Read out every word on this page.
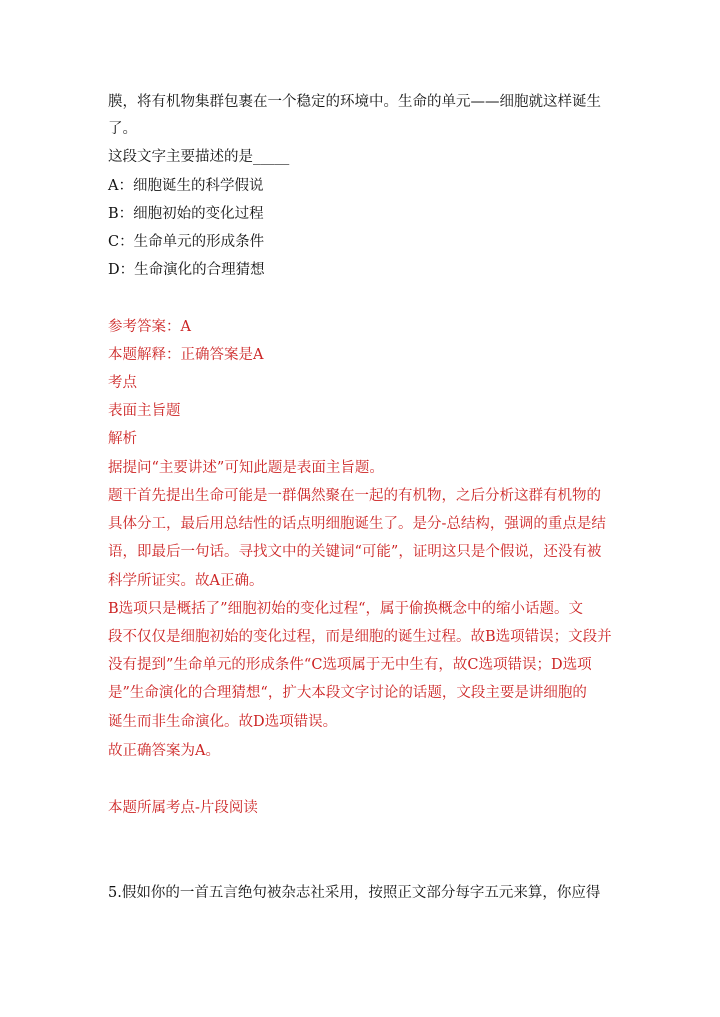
膜，将有机物集群包裹在一个稳定的环境中。生命的单元——细胞就这样诞生
了。
这段文字主要描述的是_____
A：细胞诞生的科学假说
B：细胞初始的变化过程
C：生命单元的形成条件
D：生命演化的合理猜想
参考答案：A
本题解释：正确答案是A
考点
表面主旨题
解析
据提问“主要讲述”可知此题是表面主旨题。
题干首先提出生命可能是一群偶然聚在一起的有机物，之后分析这群有机物的
具体分工，最后用总结性的话点明细胞诞生了。是分-总结构，强调的重点是结
语，即最后一句话。寻找文中的关键词“可能”，证明这只是个假说，还没有被
科学所证实。故A正确。
B选项只是概括了”细胞初始的变化过程“，属于偷换概念中的缩小话题。文
段不仅仅是细胞初始的变化过程，而是细胞的诞生过程。故B选项错误；文段并
没有提到”生命单元的形成条件“C选项属于无中生有，故C选项错误；D选项
是”生命演化的合理猜想“，扩大本段文字讨论的话题，文段主要是讲细胞的
诞生而非生命演化。故D选项错误。
故正确答案为A。
本题所属考点-片段阅读
5.假如你的一首五言绝句被杂志社采用，按照正文部分每字五元来算，你应得
